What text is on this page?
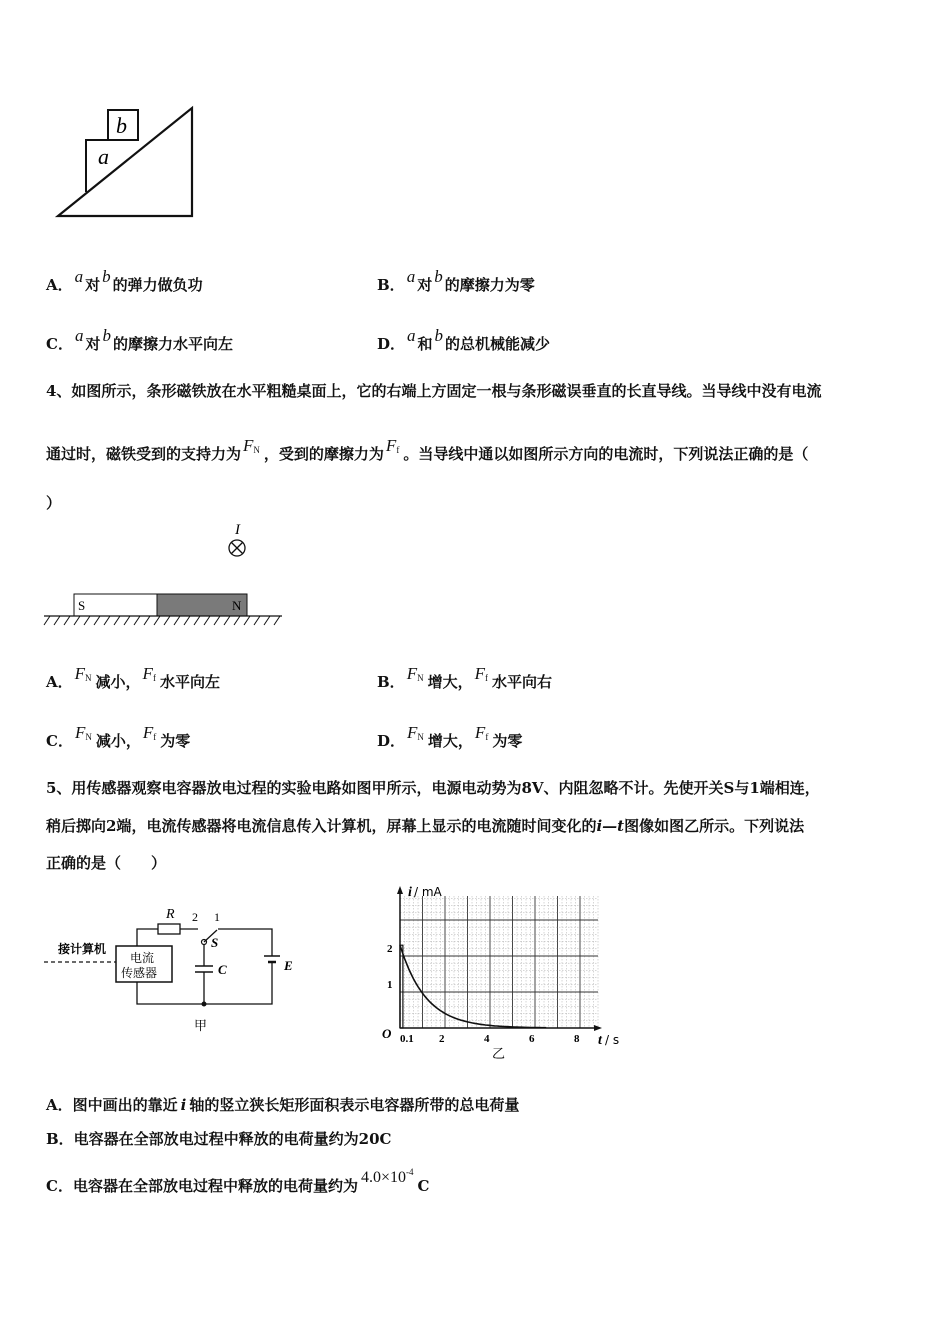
b
a
A． a 对 b 的弹力做负功	B． a 对 b 的摩擦力为零
C． a 对 b 的摩擦力水平向左	D． a 和 b 的总机械能减少
4、如图所示，条形磁铁放在水平粗糙桌面上，它的右端上方固定一根与条形磁误垂直的长直导线。当导线中没有电流
通过时，磁铁受到的支持力为 $F^N$ ，受到的摩擦力为 $F^f$ 。当导线中通以如图所示方向的电流时，下列说法正确的是（
）
I
S	N
A． $F^N$ 减小， $F^f$ 水平向左	B． $F^N$ 增大， $F^f$ 水平向右
C． $F^N$ 减小， $F^f$ 为零	D． $F^N$ 增大， $F^f$ 为零
5、用传感器观察电容器放电过程的实验电路如图甲所示，电源电动势为8V、内阻忽略不计。先使开关S与1端相连，
稍后掷向2端，电流传感器将电流信息传入计算机，屏幕上显示的电流随时间变化的i—t图像如图乙所示。下列说法
正确的是（　　）
接计算机
电流
传感器
R 2 1
S
C	E
甲
i / mA
2
1
O 0.1 2	4	6	8 t / s
乙
A．图中画出的靠近 i 轴的竖立狭长矩形面积表示电容器所带的总电荷量
B．电容器在全部放电过程中释放的电荷量约为20C
C．电容器在全部放电过程中释放的电荷量约为 $4.0\times 10^{-4}C$
